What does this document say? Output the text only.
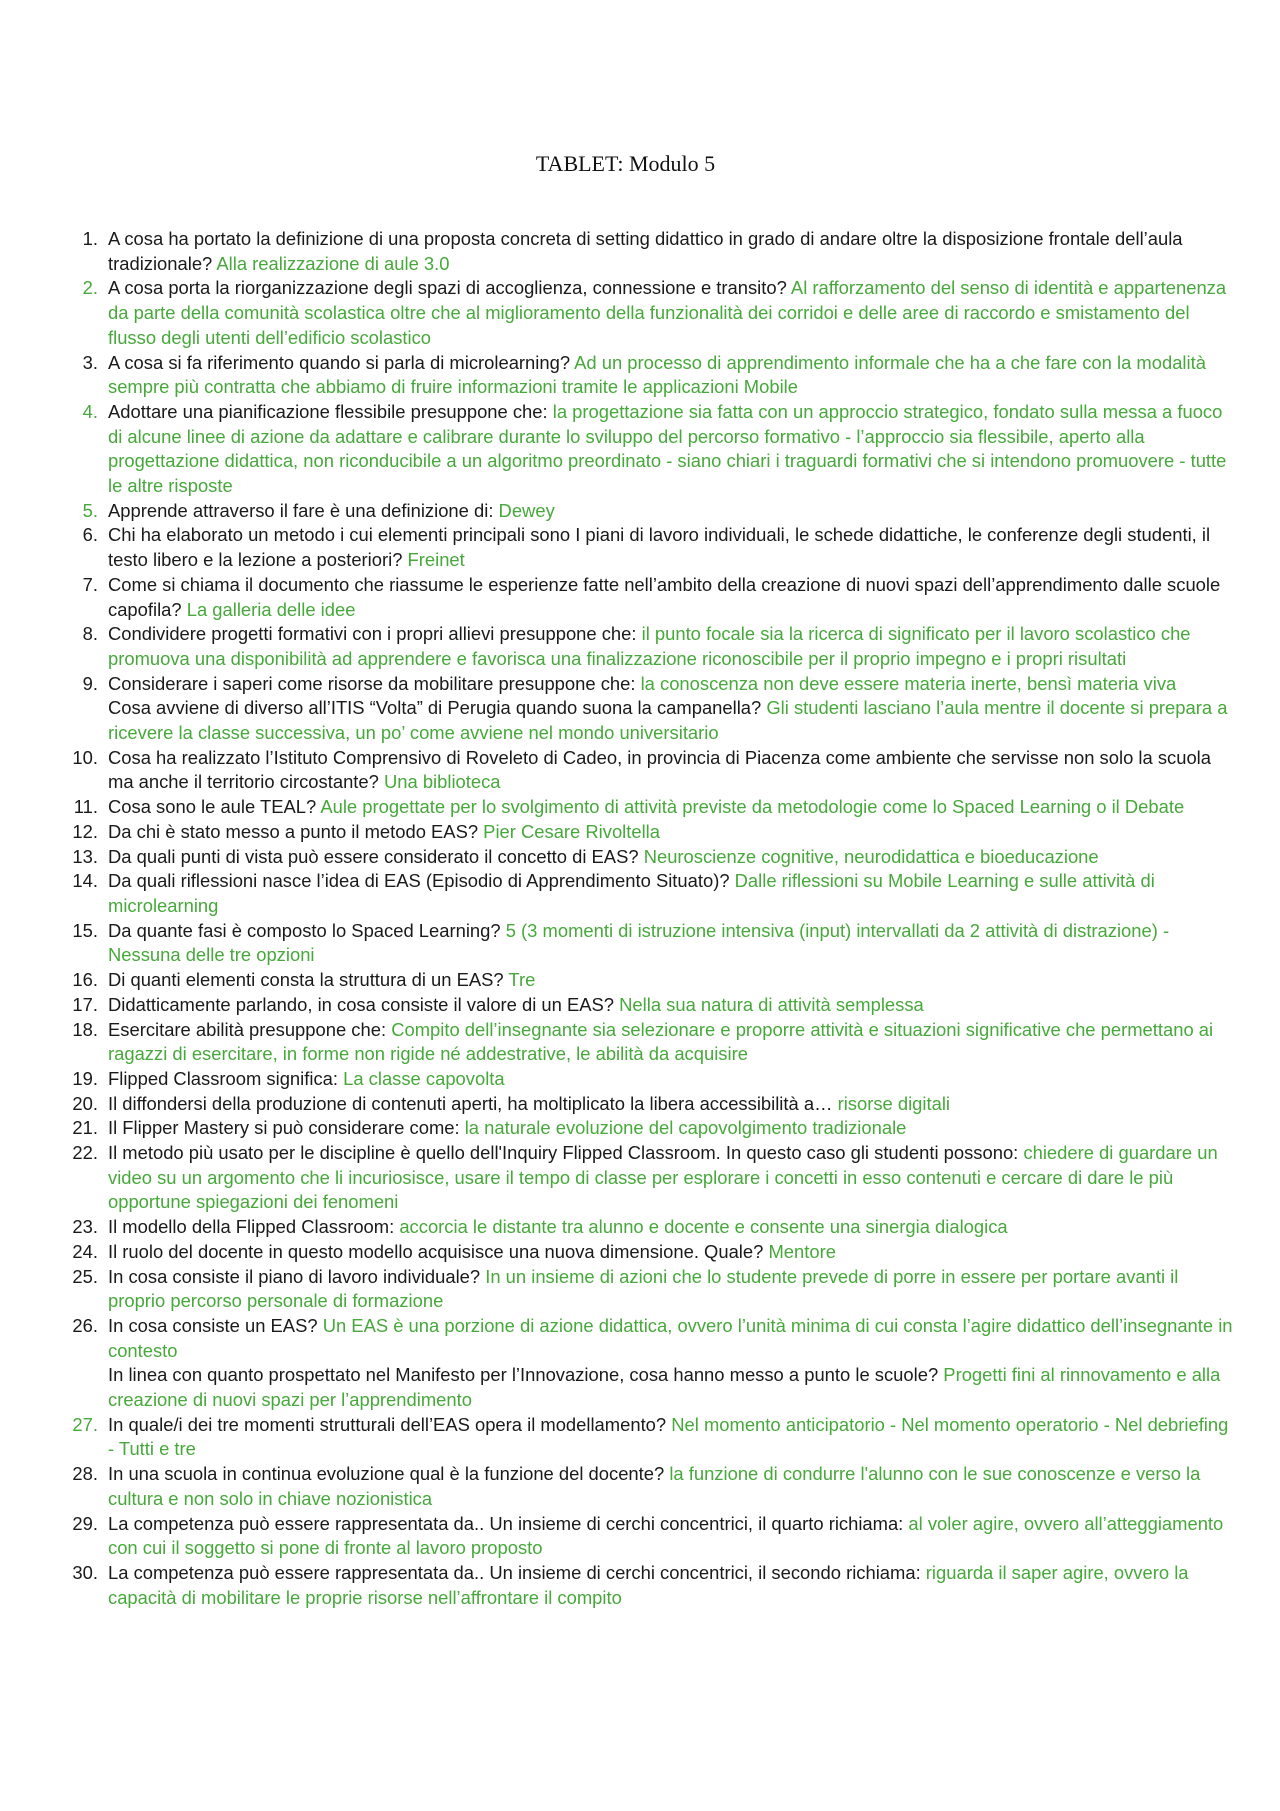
TABLET: Modulo 5
1. A cosa ha portato la definizione di una proposta concreta di setting didattico in grado di andare oltre la disposizione frontale dell’aula tradizionale? Alla realizzazione di aule 3.0
2. A cosa porta la riorganizzazione degli spazi di accoglienza, connessione e transito? Al rafforzamento del senso di identità e appartenenza da parte della comunità scolastica oltre che al miglioramento della funzionalità dei corridoi e delle aree di raccordo e smistamento del flusso degli utenti dell’edificio scolastico
3. A cosa si fa riferimento quando si parla di microlearning? Ad un processo di apprendimento informale che ha a che fare con la modalità sempre più contratta che abbiamo di fruire informazioni tramite le applicazioni Mobile
4. Adottare una pianificazione flessibile presuppone che: la progettazione sia fatta con un approccio strategico, fondato sulla messa a fuoco di alcune linee di azione da adattare e calibrare durante lo sviluppo del percorso formativo - l’approccio sia flessibile, aperto alla progettazione didattica, non riconducibile a un algoritmo preordinato - siano chiari i traguardi formativi che si intendono promuovere - tutte le altre risposte
5. Apprende attraverso il fare è una definizione di: Dewey
6. Chi ha elaborato un metodo i cui elementi principali sono I piani di lavoro individuali, le schede didattiche, le conferenze degli studenti, il testo libero e la lezione a posteriori? Freinet
7. Come si chiama il documento che riassume le esperienze fatte nell’ambito della creazione di nuovi spazi dell’apprendimento dalle scuole capofila? La galleria delle idee
8. Condividere progetti formativi con i propri allievi presuppone che: il punto focale sia la ricerca di significato per il lavoro scolastico che promuova una disponibilità ad apprendere e favorisca una finalizzazione riconoscibile per il proprio impegno e i propri risultati
9. Considerare i saperi come risorse da mobilitare presuppone che: la conoscenza non deve essere materia inerte, bensì materia viva
Cosa avviene di diverso all’ITIS “Volta” di Perugia quando suona la campanella? Gli studenti lasciano l’aula mentre il docente si prepara a ricevere la classe successiva, un po’ come avviene nel mondo universitario
10. Cosa ha realizzato l’Istituto Comprensivo di Roveleto di Cadeo, in provincia di Piacenza come ambiente che servisse non solo la scuola ma anche il territorio circostante? Una biblioteca
11. Cosa sono le aule TEAL? Aule progettate per lo svolgimento di attività previste da metodologie come lo Spaced Learning o il Debate
12. Da chi è stato messo a punto il metodo EAS? Pier Cesare Rivoltella
13. Da quali punti di vista può essere considerato il concetto di EAS? Neuroscienze cognitive, neurodidattica e bioeducazione
14. Da quali riflessioni nasce l’idea di EAS (Episodio di Apprendimento Situato)? Dalle riflessioni su Mobile Learning e sulle attività di microlearning
15. Da quante fasi è composto lo Spaced Learning? 5 (3 momenti di istruzione intensiva (input) intervallati da 2 attività di distrazione) - Nessuna delle tre opzioni
16. Di quanti elementi consta la struttura di un EAS? Tre
17. Didatticamente parlando, in cosa consiste il valore di un EAS? Nella sua natura di attività semplessa
18. Esercitare abilità presuppone che: Compito dell’insegnante sia selezionare e proporre attività e situazioni significative che permettano ai ragazzi di esercitare, in forme non rigide né addestrative, le abilità da acquisire
19. Flipped Classroom significa: La classe capovolta
20. Il diffondersi della produzione di contenuti aperti, ha moltiplicato la libera accessibilità a… risorse digitali
21. Il Flipper Mastery si può considerare come: la naturale evoluzione del capovolgimento tradizionale
22. Il metodo più usato per le discipline è quello dell'Inquiry Flipped Classroom. In questo caso gli studenti possono: chiedere di guardare un video su un argomento che li incuriosisce, usare il tempo di classe per esplorare i concetti in esso contenuti e cercare di dare le più opportune spiegazioni dei fenomeni
23. Il modello della Flipped Classroom: accorcia le distante tra alunno e docente e consente una sinergia dialogica
24. Il ruolo del docente in questo modello acquisisce una nuova dimensione. Quale? Mentore
25. In cosa consiste il piano di lavoro individuale? In un insieme di azioni che lo studente prevede di porre in essere per portare avanti il proprio percorso personale di formazione
26. In cosa consiste un EAS? Un EAS è una porzione di azione didattica, ovvero l’unità minima di cui consta l’agire didattico dell’insegnante in contesto
In linea con quanto prospettato nel Manifesto per l’Innovazione, cosa hanno messo a punto le scuole? Progetti fini al rinnovamento e alla creazione di nuovi spazi per l’apprendimento
27. In quale/i dei tre momenti strutturali dell’EAS opera il modellamento? Nel momento anticipatorio - Nel momento operatorio - Nel debriefing - Tutti e tre
28. In una scuola in continua evoluzione qual è la funzione del docente? la funzione di condurre l'alunno con le sue conoscenze e verso la cultura e non solo in chiave nozionistica
29. La competenza può essere rappresentata da.. Un insieme di cerchi concentrici, il quarto richiama: al voler agire, ovvero all’atteggiamento con cui il soggetto si pone di fronte al lavoro proposto
30. La competenza può essere rappresentata da.. Un insieme di cerchi concentrici, il secondo richiama: riguarda il saper agire, ovvero la capacità di mobilitare le proprie risorse nell’affrontare il compito
